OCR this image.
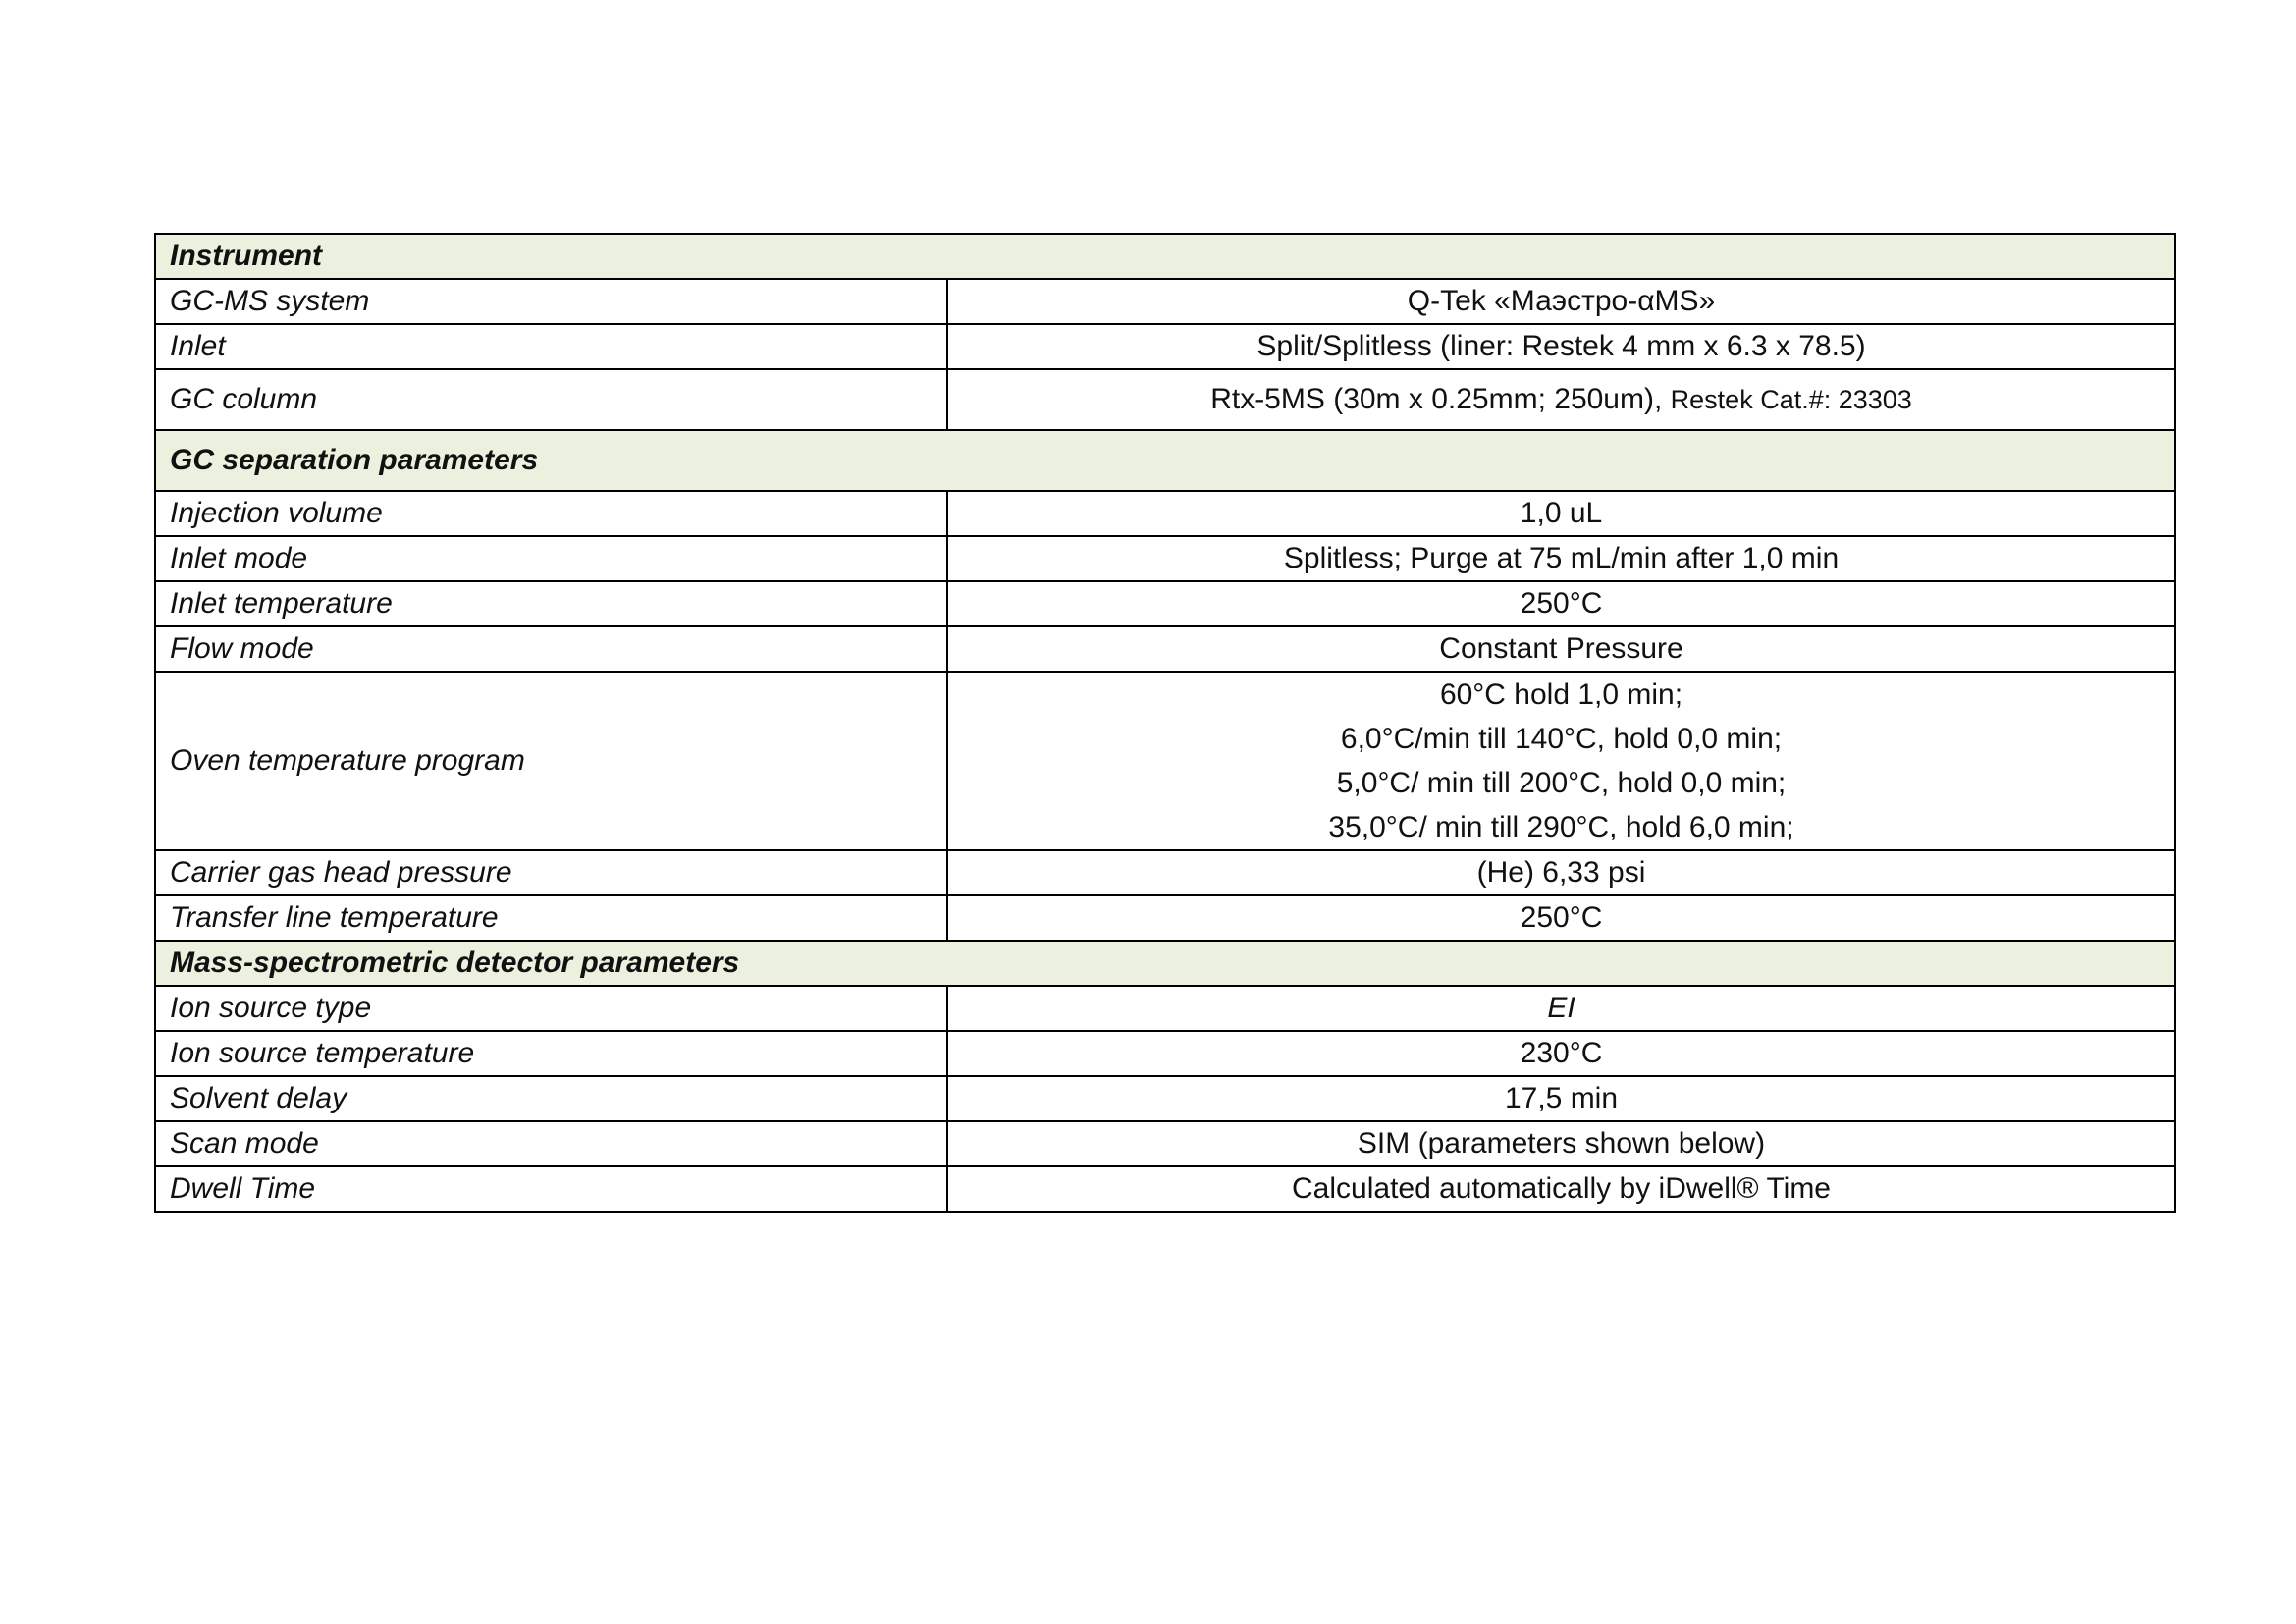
Instrument	
GC-MS system	Q-Tek «Маэстро-αMS»
Inlet	Split/Splitless (liner: Restek 4 mm x 6.3 x 78.5)
GC column	Rtx-5MS (30m x 0.25mm; 250um), Restek Cat.#: 23303
GC separation parameters	
Injection volume	1,0 uL
Inlet mode	Splitless; Purge at 75 mL/min after 1,0 min
Inlet temperature	250°C
Flow mode	Constant Pressure
Oven temperature program	60°C hold 1,0 min;
6,0°C/min till 140°C, hold 0,0 min;
5,0°C/ min till 200°C, hold 0,0 min;
35,0°C/ min till 290°C, hold 6,0 min;

Carrier gas head pressure	(He) 6,33 psi
Transfer line temperature	250°C
Mass-spectrometric detector parameters	
Ion source type	EI
Ion source temperature	230°C
Solvent delay	17,5 min
Scan mode	SIM (parameters shown below)
Dwell Time	Calculated automatically by iDwell® Time
